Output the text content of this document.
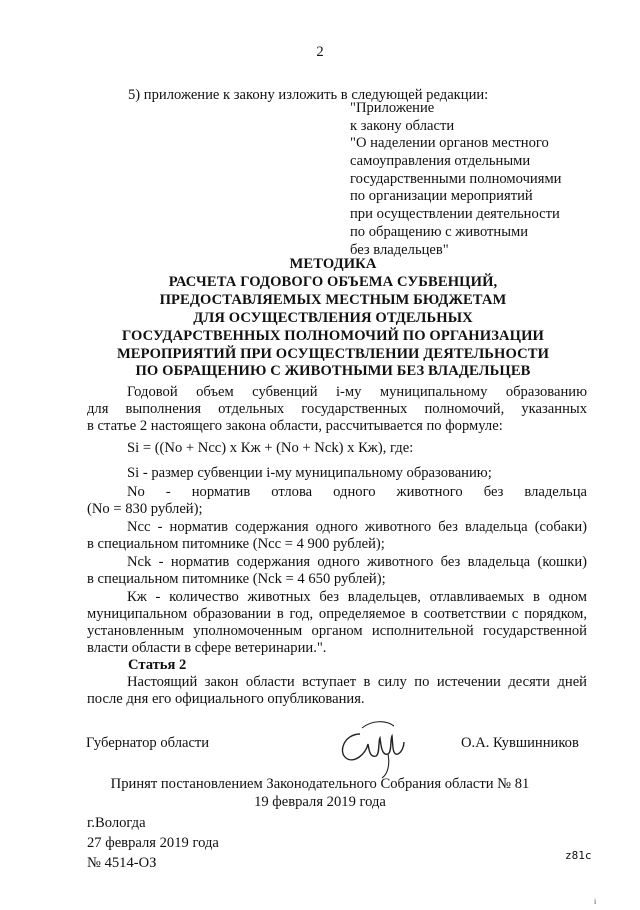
2
5) приложение к закону изложить в следующей редакции:
"Приложение
к закону области
"О наделении органов местного
самоуправления отдельными
государственными полномочиями
по организации мероприятий
при осуществлении деятельности
по обращению с животными
без владельцев"
МЕТОДИКА
РАСЧЕТА ГОДОВОГО ОБЪЕМА СУБВЕНЦИЙ,
ПРЕДОСТАВЛЯЕМЫХ МЕСТНЫМ БЮДЖЕТАМ
ДЛЯ ОСУЩЕСТВЛЕНИЯ ОТДЕЛЬНЫХ
ГОСУДАРСТВЕННЫХ ПОЛНОМОЧИЙ ПО ОРГАНИЗАЦИИ
МЕРОПРИЯТИЙ ПРИ ОСУЩЕСТВЛЕНИИ ДЕЯТЕЛЬНОСТИ
ПО ОБРАЩЕНИЮ С ЖИВОТНЫМИ БЕЗ ВЛАДЕЛЬЦЕВ
Годовой объем субвенций i-му муниципальному образованию
для выполнения отдельных государственных полномочий, указанных
в статье 2 настоящего закона области, рассчитывается по формуле:
Si = ((No + Ncc) x Кж + (No + Nck) x Кж), где:
Si - размер субвенции i-му муниципальному образованию;
No - норматив отлова одного животного без владельца
(No = 830 рублей);
Ncc - норматив содержания одного животного без владельца (собаки)
в специальном питомнике (Ncc = 4 900 рублей);
Nck - норматив содержания одного животного без владельца (кошки)
в специальном питомнике (Nck = 4 650 рублей);
Кж - количество животных без владельцев, отлавливаемых в одном
муниципальном образовании в год, определяемое в соответствии с порядком,
установленным уполномоченным органом исполнительной государственной
власти области в сфере ветеринарии.".
Статья 2
Настоящий закон области вступает в силу по истечении десяти дней
после дня его официального опубликования.
Губернатор области	О.А. Кувшинников
Принят постановлением Законодательного Собрания области № 81
19 февраля 2019 года
г.Вологда
27 февраля 2019 года
№ 4514-ОЗ	z81c
i
